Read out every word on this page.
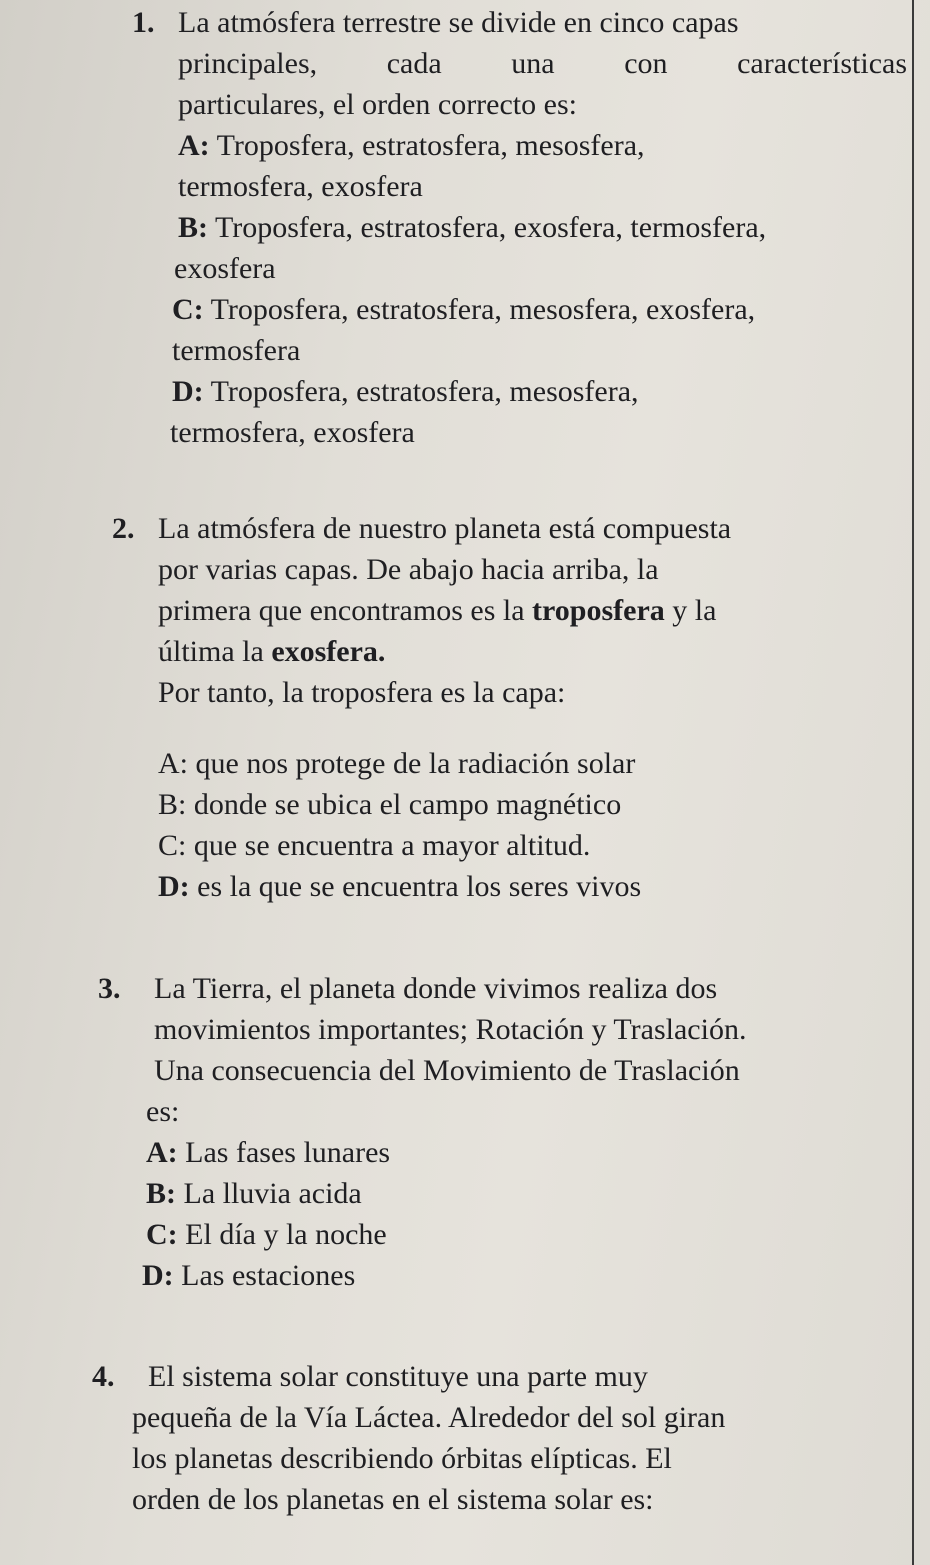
1. La atmósfera terrestre se divide en cinco capas
principales, cada una con características
particulares, el orden correcto es:
A: Troposfera, estratosfera, mesosfera,
termosfera, exosfera
B: Troposfera, estratosfera, exosfera, termosfera,
exosfera
C: Troposfera, estratosfera, mesosfera, exosfera,
termosfera
D: Troposfera, estratosfera, mesosfera,
termosfera, exosfera
2. La atmósfera de nuestro planeta está compuesta
por varias capas. De abajo hacia arriba, la
primera que encontramos es la troposfera y la
última la exosfera.
Por tanto, la troposfera es la capa:
A: que nos protege de la radiación solar
B: donde se ubica el campo magnético
C: que se encuentra a mayor altitud.
D: es la que se encuentra los seres vivos
3. La Tierra, el planeta donde vivimos realiza dos
movimientos importantes; Rotación y Traslación.
Una consecuencia del Movimiento de Traslación
es:
A: Las fases lunares
B: La lluvia acida
C: El día y la noche
D: Las estaciones
4. El sistema solar constituye una parte muy
pequeña de la Vía Láctea. Alrededor del sol giran
los planetas describiendo órbitas elípticas. El
orden de los planetas en el sistema solar es:
